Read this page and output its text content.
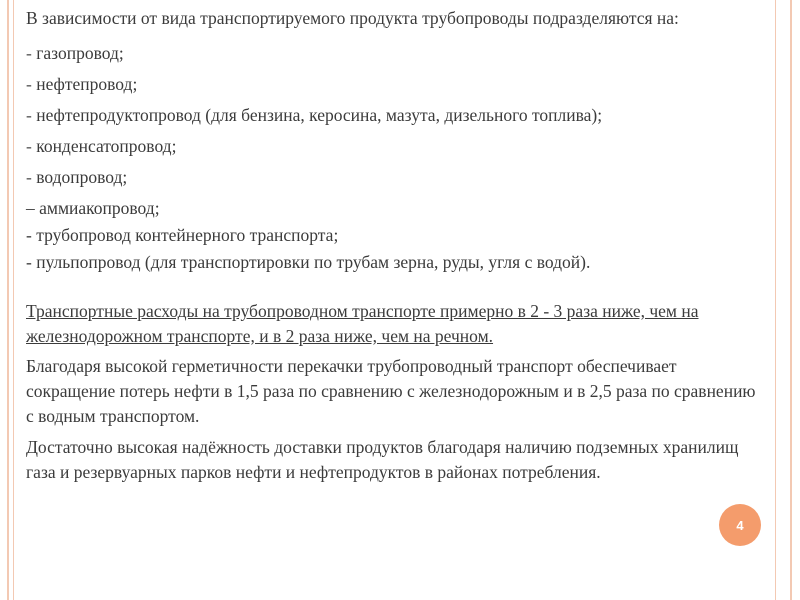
В зависимости от вида транспортируемого продукта трубопроводы подразделяются на:

- газопровод;
- нефтепровод;
- нефтепродуктопровод (для бензина, керосина, мазута, дизельного топлива);
- конденсатопровод;
- водопровод;
– аммиакопровод;
- трубопровод контейнерного транспорта;
- пульпопровод (для транспортировки по трубам зерна, руды, угля с водой).

Транспортные расходы на трубопроводном транспорте примерно в 2 - 3 раза ниже, чем на железнодорожном транспорте, и в 2 раза ниже, чем на речном.

Благодаря высокой герметичности перекачки трубопроводный транспорт обеспечивает сокращение потерь нефти в 1,5 раза по сравнению с железнодорожным и в 2,5 раза по сравнению с водным транспортом.

Достаточно высокая надёжность доставки продуктов благодаря наличию подземных хранилищ газа и резервуарных парков нефти и нефтепродуктов в районах потребления.

4
